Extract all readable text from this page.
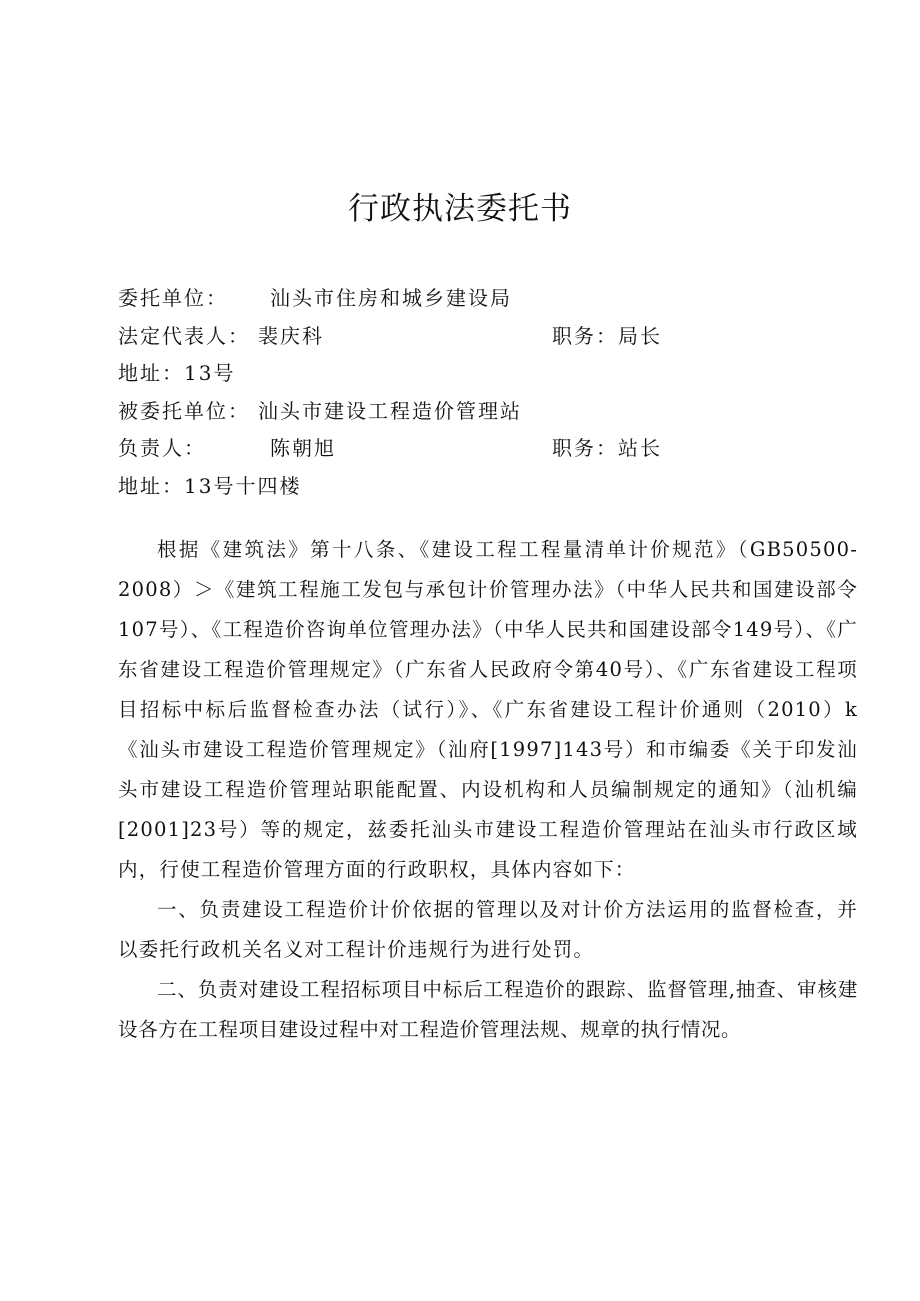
行政执法委托书
委托单位： 汕头市住房和城乡建设局
法定代表人： 裴庆科	职务：局长
地址：13号
被委托单位： 汕头市建设工程造价管理站
负责人：	陈朝旭	职务：站长
地址：13号十四楼

根据《建筑法》第十八条、《建设工程工程量清单计价规范》（GB50500-2008）＞《建筑工程施工发包与承包计价管理办法》（中华人民共和国建设部令107号）、《工程造价咨询单位管理办法》（中华人民共和国建设部令149号）、《广东省建设工程造价管理规定》（广东省人民政府令第40号）、《广东省建设工程项目招标中标后监督检查办法（试行）》、《广东省建设工程计价通则（2010）k《汕头市建设工程造价管理规定》（汕府[1997]143号）和市编委《关于印发汕头市建设工程造价管理站职能配置、内设机构和人员编制规定的通知》（汕机编[2001]23号）等的规定，兹委托汕头市建设工程造价管理站在汕头市行政区域内，行使工程造价管理方面的行政职权，具体内容如下：

一、负责建设工程造价计价依据的管理以及对计价方法运用的监督检查，并以委托行政机关名义对工程计价违规行为进行处罚。

二、负责对建设工程招标项目中标后工程造价的跟踪、监督管理,抽查、审核建设各方在工程项目建设过程中对工程造价管理法规、规章的执行情况。
